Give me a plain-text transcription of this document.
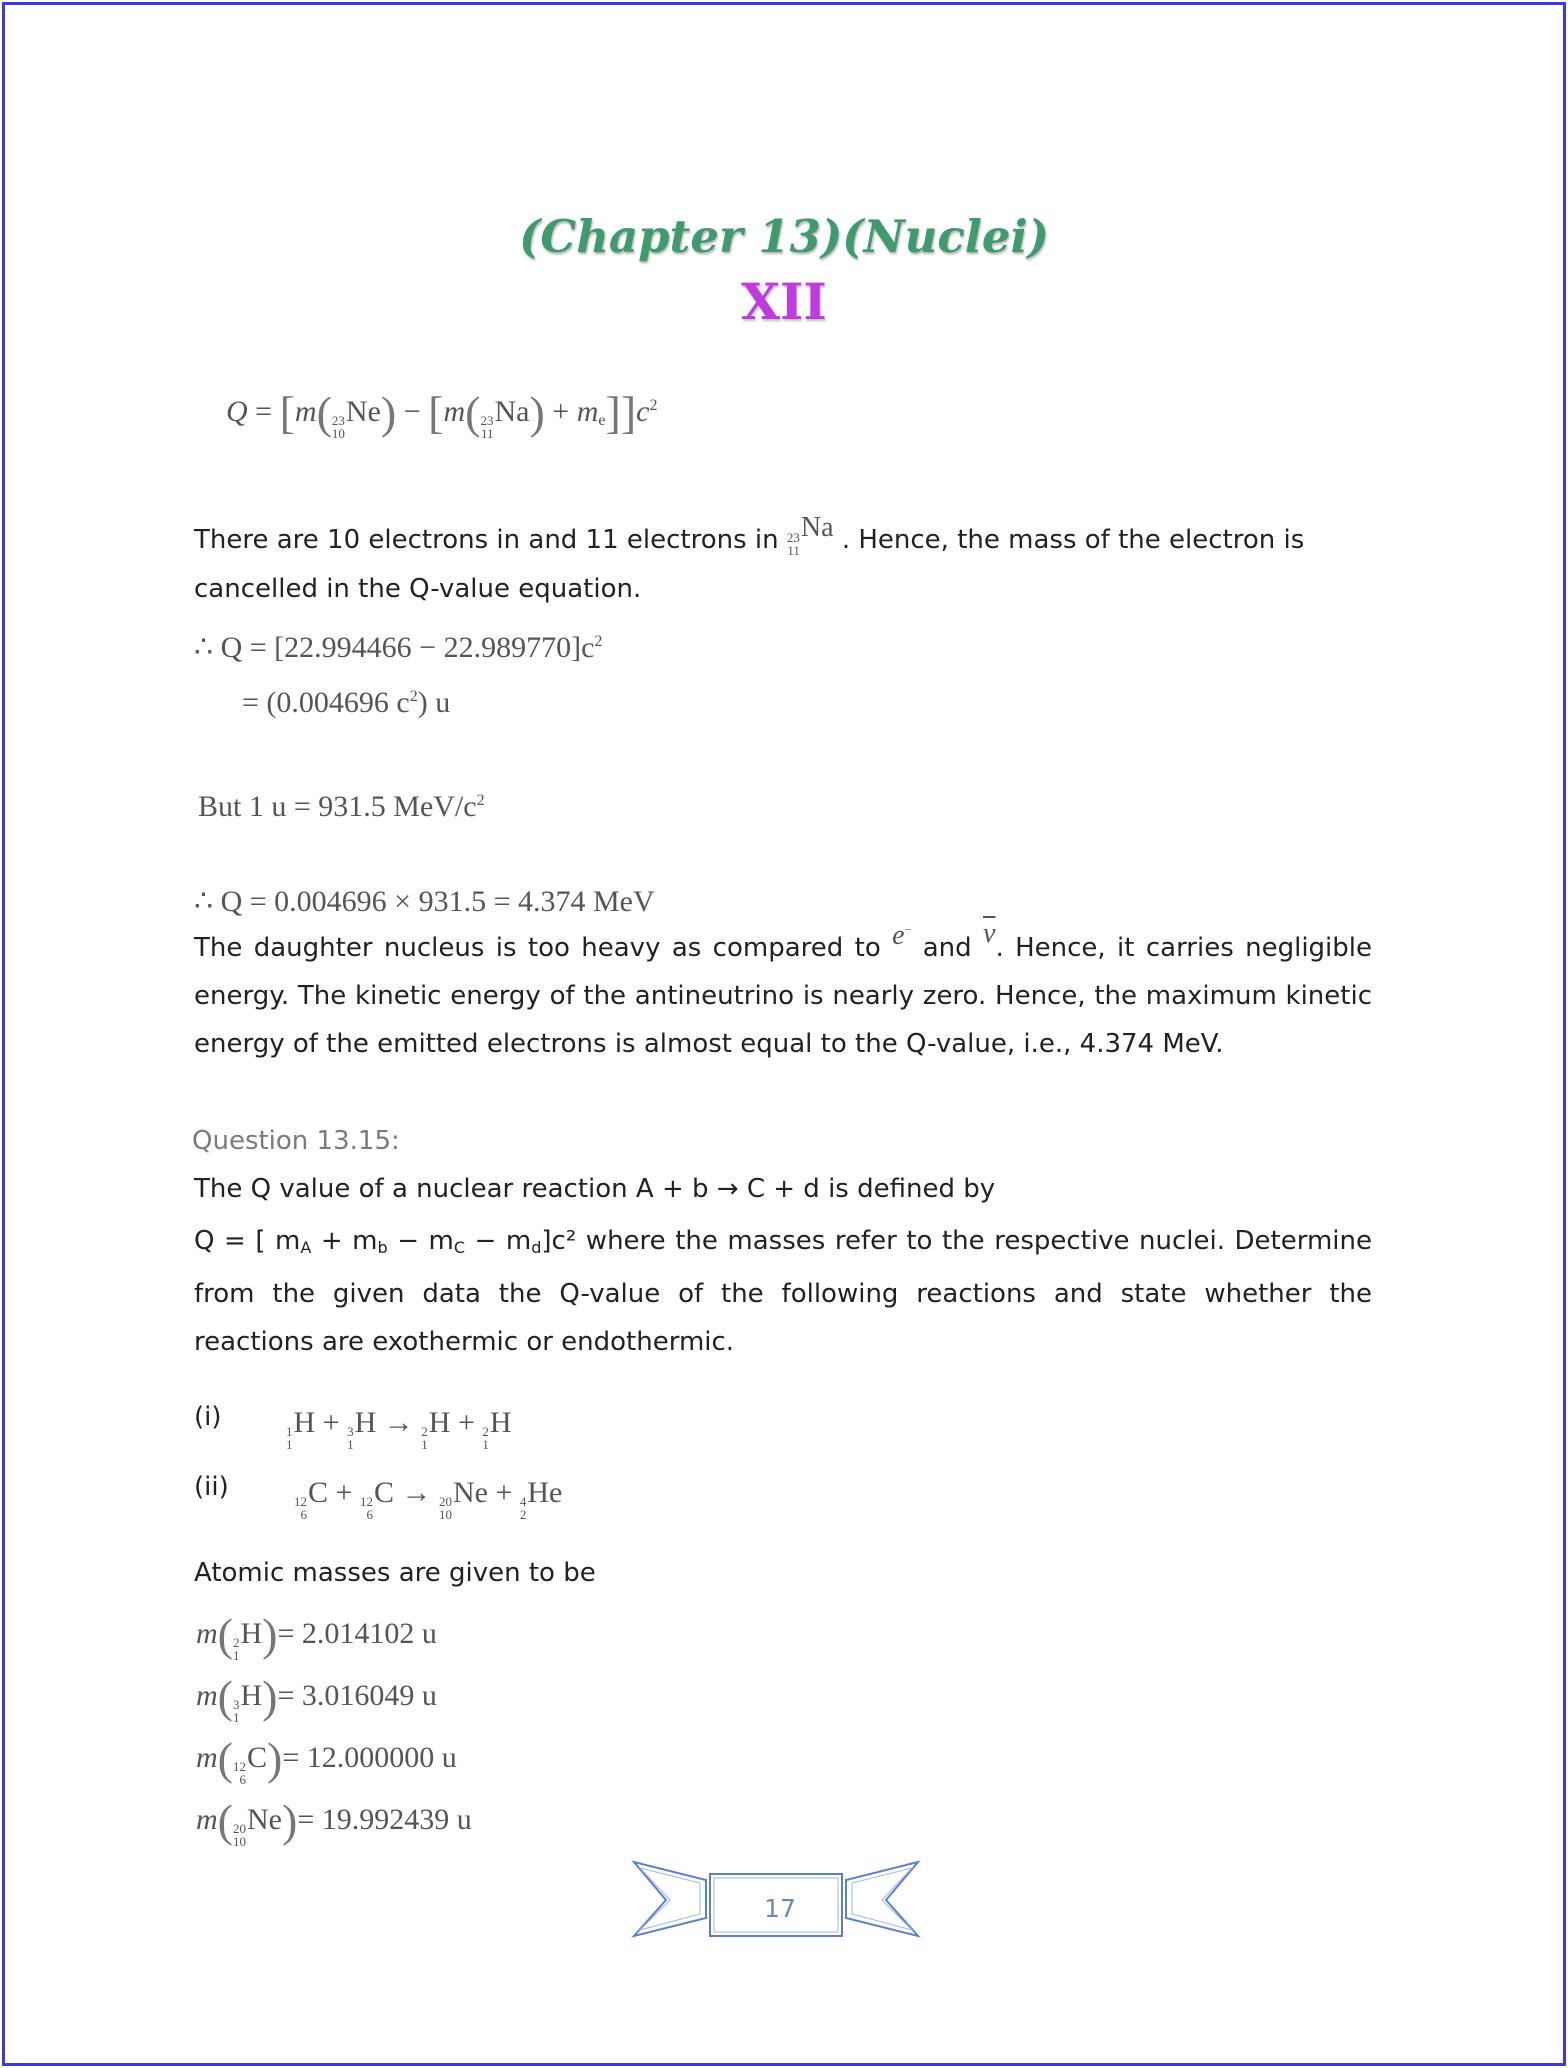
(Chapter 13)(Nuclei)
XII
Q = [m( 23
10
Ne) − [m( 23
11
$Na) + m_e]]c^2$
There are 10 electrons in and 11 electrons in 23
11
Na . Hence, the mass of the electron is
cancelled in the Q-value equation.
∴ $Q = [22.994466 - 22.989770]c^2$
= (0.004696 $c^2$) u
But 1 u = 931.5 MeV/$c^2$
∴ Q = 0.004696 × 931.5 = 4.374 MeV
The daughter nucleus is too heavy as compared to e− and $\overline{\nu}$. Hence, it carries negligible
energy. The kinetic energy of the antineutrino is nearly zero. Hence, the maximum kinetic energy of the emitted electrons is almost equal to the Q-value, i.e., 4.374 MeV.
Question 13.15:
The Q value of a nuclear reaction A + b → C + d is defined by
Q = [ $m_A + m_b - m_C - m_d]c^2$ where the masses refer to the respective nuclei. Determine
from the given data the Q-value of the following reactions and state whether the reactions are exothermic or endothermic.
(i)	1
1
H + 3
1
H → 2
1
H + 2
1
H
(ii)	12
6
C + 12
6
C → 20
10
Ne + 4
2
He
Atomic masses are given to be
m( 2
1
H)= 2.014102 u
m( 3
1
H)= 3.016049 u
m( 12
6
C)= 12.000000 u
m( 20
10
Ne)= 19.992439 u
17
